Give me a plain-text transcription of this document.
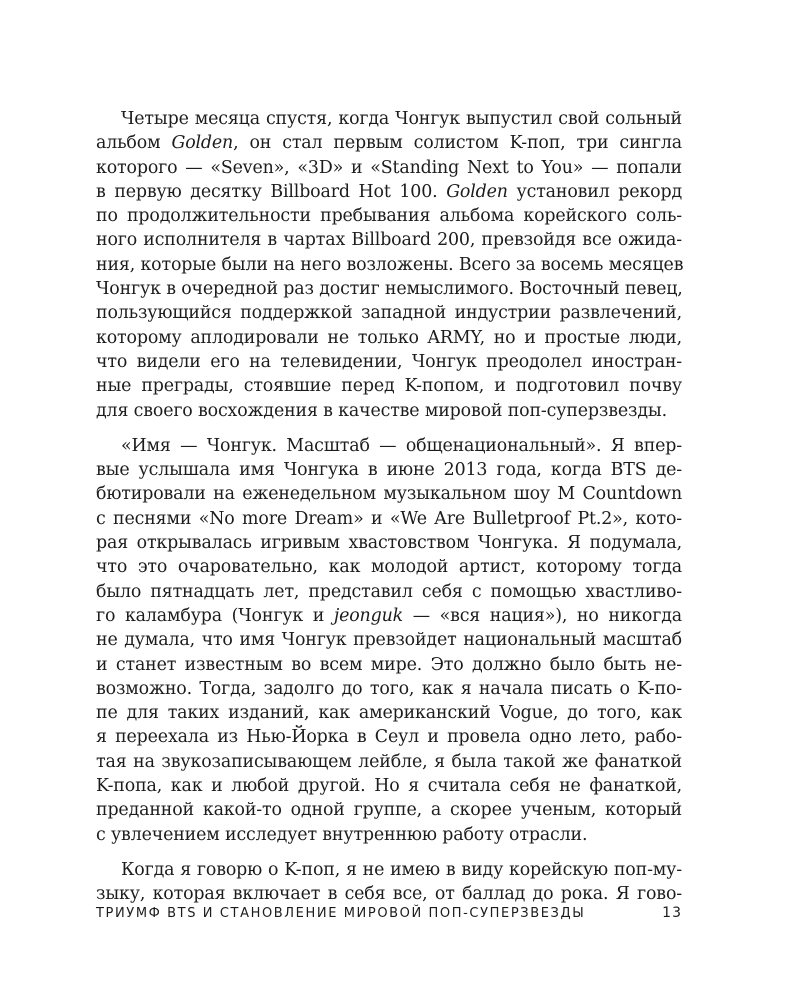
Четыре месяца спустя, когда Чонгук выпустил свой сольный
альбом Golden, он стал первым солистом K-поп, три сингла
которого — «Seven», «3D» и «Standing Next to You» — попали
в первую десятку Billboard Hot 100. Golden установил рекорд
по продолжительности пребывания альбома корейского соль-
ного исполнителя в чартах Billboard 200, превзойдя все ожида-
ния, которые были на него возложены. Всего за восемь месяцев
Чонгук в очередной раз достиг немыслимого. Восточный певец,
пользующийся поддержкой западной индустрии развлечений,
которому аплодировали не только ARMY, но и простые люди,
что видели его на телевидении, Чонгук преодолел иностран-
ные преграды, стоявшие перед K-попом, и подготовил почву
для своего восхождения в качестве мировой поп-суперзвезды.
«Имя — Чонгук. Масштаб — общенациональный». Я впер-
вые услышала имя Чонгука в июне 2013 года, когда BTS де-
бютировали на еженедельном музыкальном шоу M Countdown
с песнями «No more Dream» и «We Are Bulletproof Pt.2», кото-
рая открывалась игривым хвастовством Чонгука. Я подумала,
что это очаровательно, как молодой артист, которому тогда
было пятнадцать лет, представил себя с помощью хвастливо-
го каламбура (Чонгук и jeonguk — «вся нация»), но никогда
не думала, что имя Чонгук превзойдет национальный масштаб
и станет известным во всем мире. Это должно было быть не-
возможно. Тогда, задолго до того, как я начала писать о K-по-
пе для таких изданий, как американский Vogue, до того, как
я переехала из Нью-Йорка в Сеул и провела одно лето, рабо-
тая на звукозаписывающем лейбле, я была такой же фанаткой
K-попа, как и любой другой. Но я считала себя не фанаткой,
преданной какой-то одной группе, а скорее ученым, который
с увлечением исследует внутреннюю работу отрасли.
Когда я говорю о K-поп, я не имею в виду корейскую поп-му-
зыку, которая включает в себя все, от баллад до рока. Я гово-
ТРИУМФ BTS И СТАНОВЛЕНИЕ МИРОВОЙ ПОП-СУПЕРЗВЕЗДЫ	13
